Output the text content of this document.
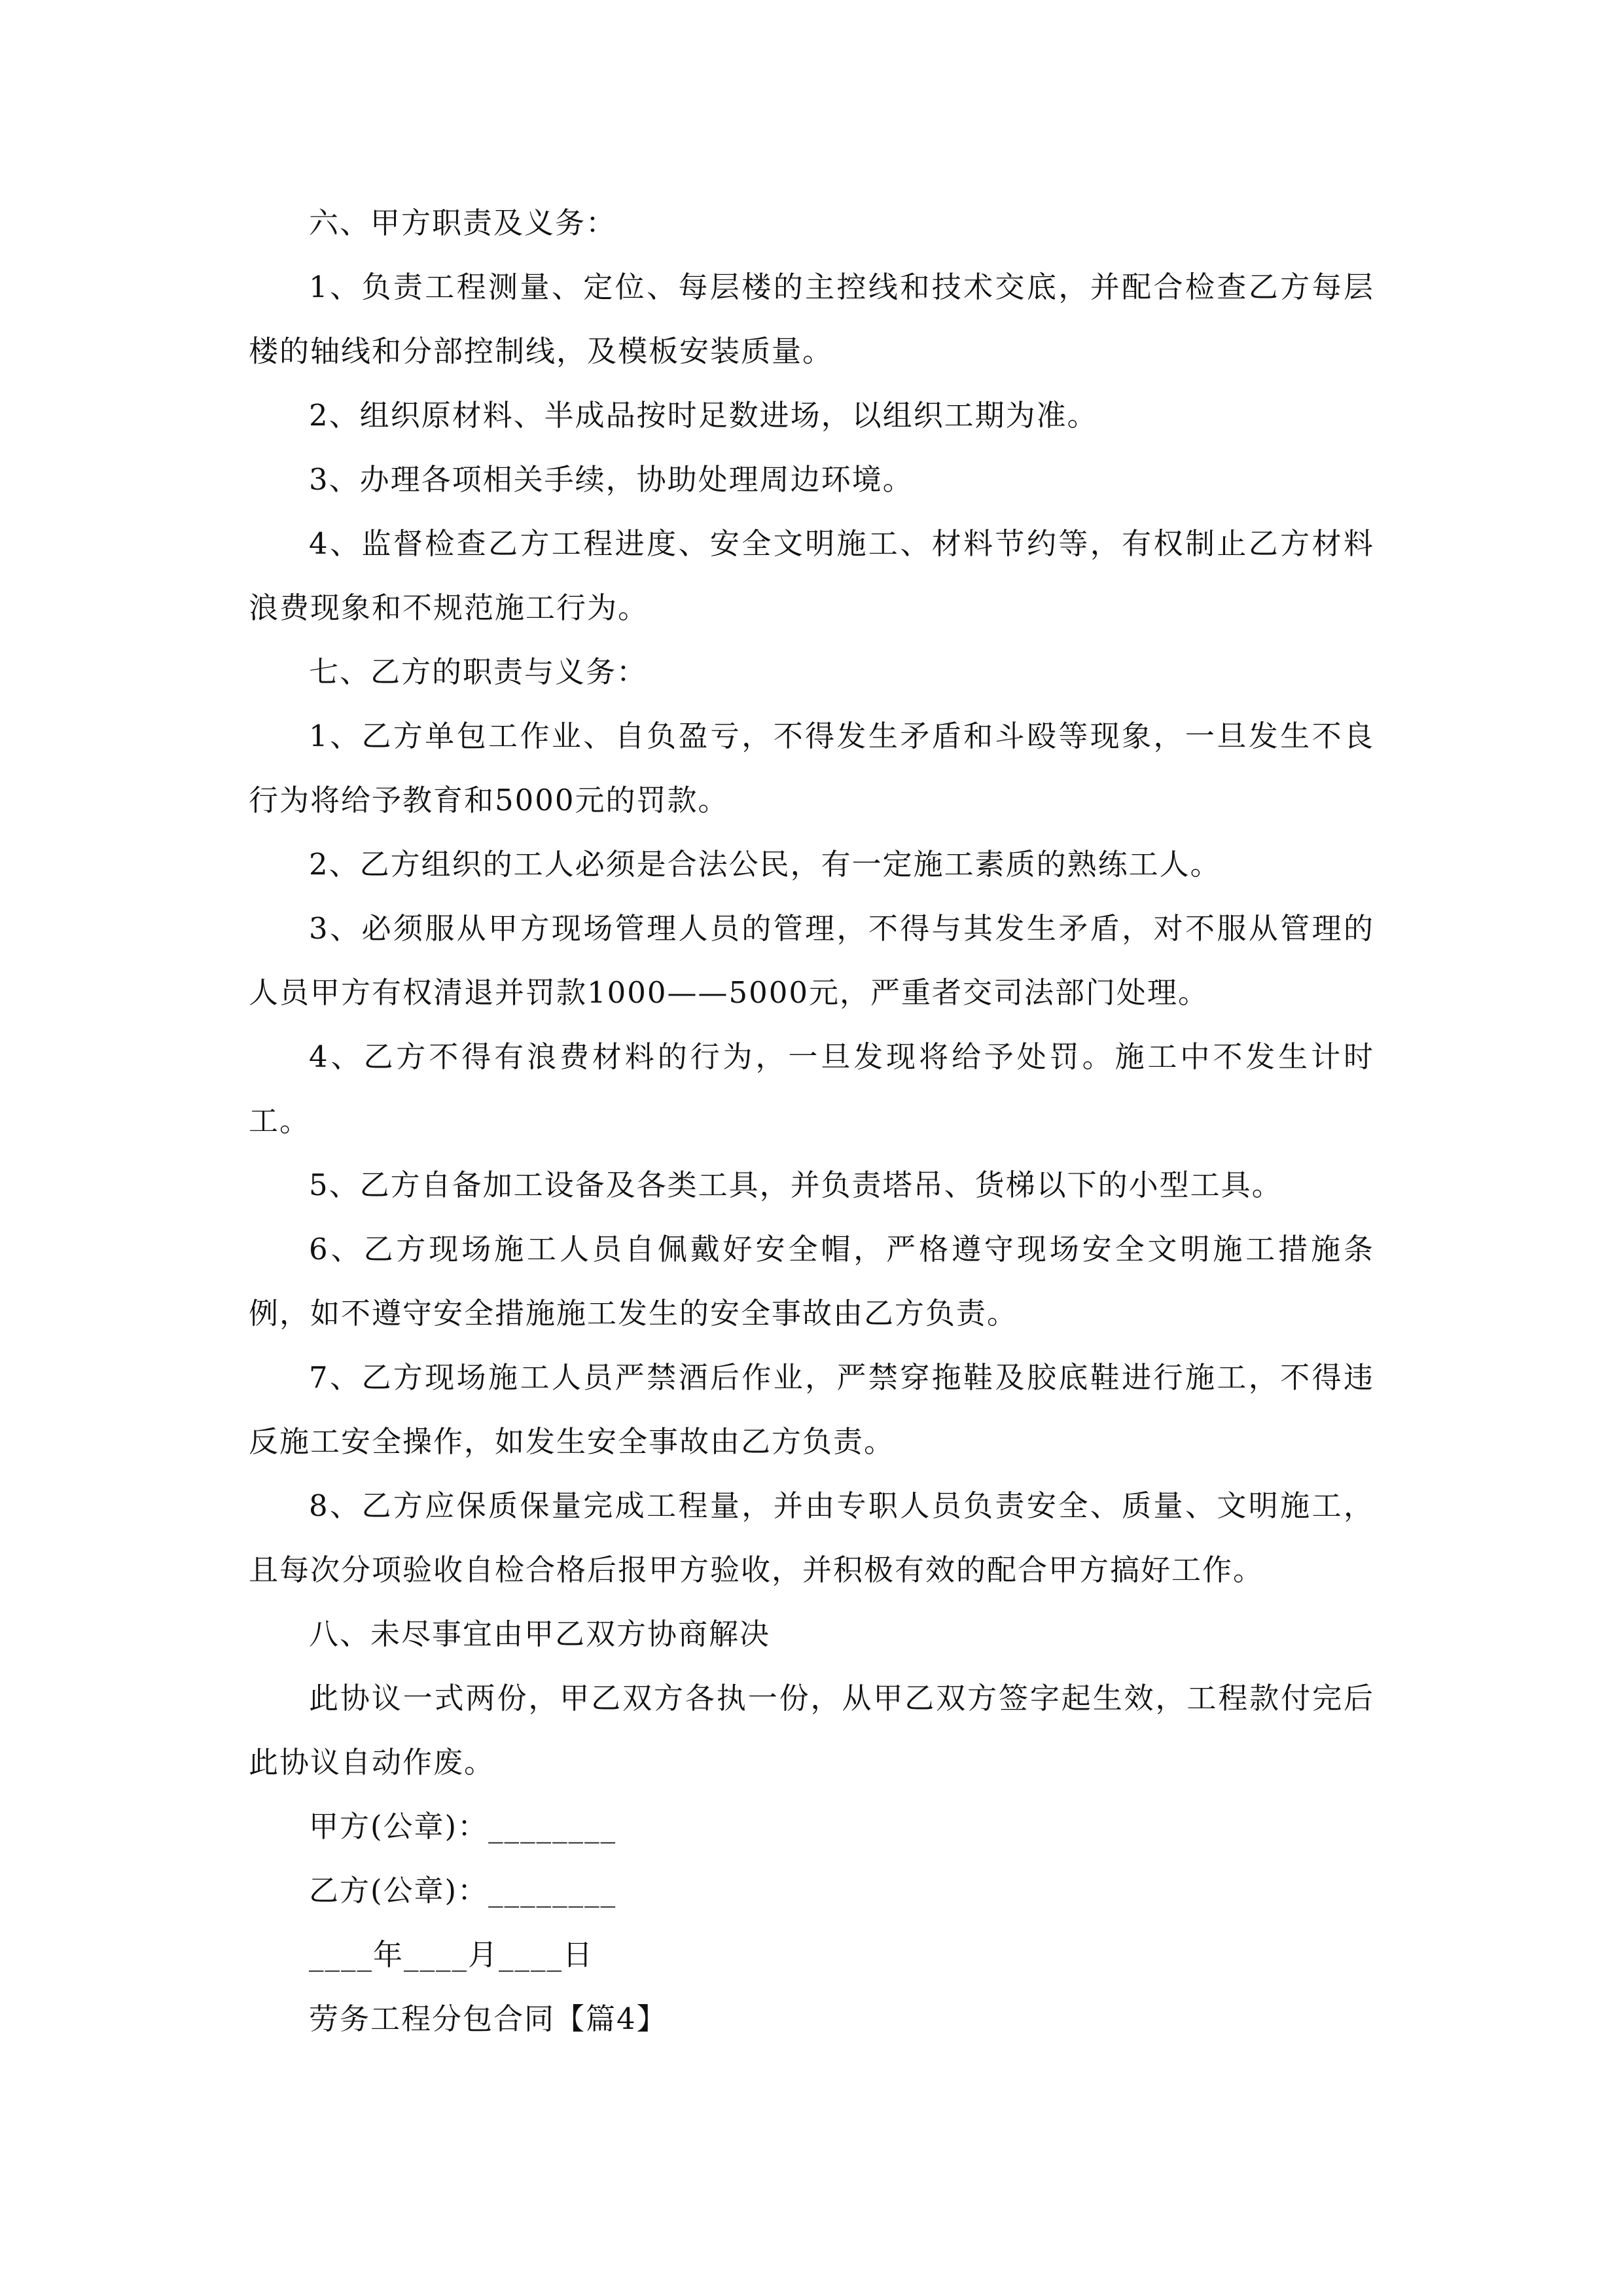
六、甲方职责及义务：

1、负责工程测量、定位、每层楼的主控线和技术交底，并配合检查乙方每层楼的轴线和分部控制线，及模板安装质量。

2、组织原材料、半成品按时足数进场，以组织工期为准。

3、办理各项相关手续，协助处理周边环境。

4、监督检查乙方工程进度、安全文明施工、材料节约等，有权制止乙方材料浪费现象和不规范施工行为。

七、乙方的职责与义务：

1、乙方单包工作业、自负盈亏，不得发生矛盾和斗殴等现象，一旦发生不良行为将给予教育和5000元的罚款。

2、乙方组织的工人必须是合法公民，有一定施工素质的熟练工人。

3、必须服从甲方现场管理人员的管理，不得与其发生矛盾，对不服从管理的人员甲方有权清退并罚款1000——5000元，严重者交司法部门处理。

4、乙方不得有浪费材料的行为，一旦发现将给予处罚。施工中不发生计时工。

5、乙方自备加工设备及各类工具，并负责塔吊、货梯以下的小型工具。

6、乙方现场施工人员自佩戴好安全帽，严格遵守现场安全文明施工措施条例，如不遵守安全措施施工发生的安全事故由乙方负责。

7、乙方现场施工人员严禁酒后作业，严禁穿拖鞋及胶底鞋进行施工，不得违反施工安全操作，如发生安全事故由乙方负责。

8、乙方应保质保量完成工程量，并由专职人员负责安全、质量、文明施工，且每次分项验收自检合格后报甲方验收，并积极有效的配合甲方搞好工作。

八、未尽事宜由甲乙双方协商解决

此协议一式两份，甲乙双方各执一份，从甲乙双方签字起生效，工程款付完后此协议自动作废。

甲方(公章)：________

乙方(公章)：________

____年____月____日

劳务工程分包合同【篇4】
